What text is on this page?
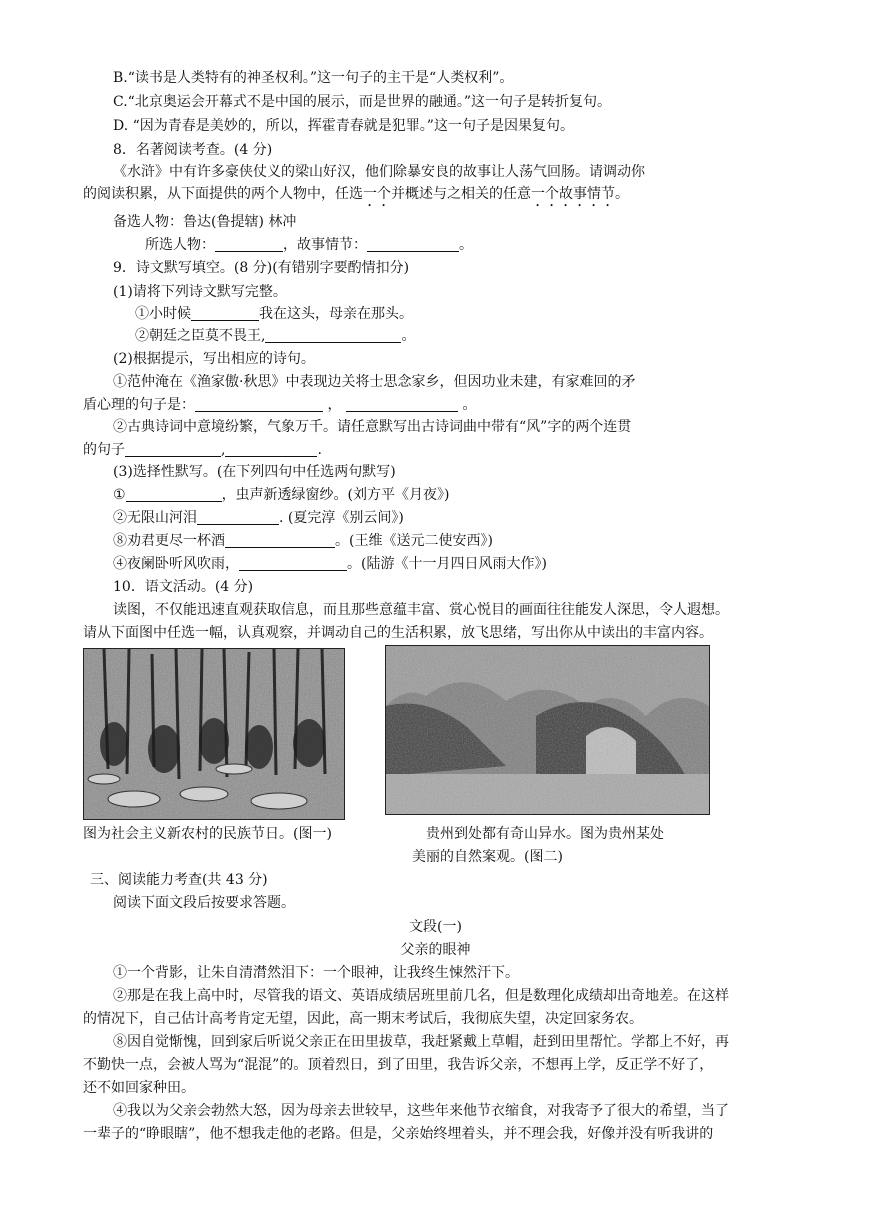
B.“读书是人类特有的神圣权利。”这一句子的主干是“人类权利”。
C.“北京奥运会开幕式不是中国的展示，而是世界的融通。”这一句子是转折复句。
D. “因为青春是美妙的，所以，挥霍青春就是犯罪。”这一句子是因果复句。
8．名著阅读考查。(4 分)
《水浒》中有许多豪侠仗义的梁山好汉，他们除暴安良的故事让人荡气回肠。请调动你
的阅读积累，从下面提供的两个人物中，任选一个并概述与之相关的任意一个故事情节。
备选人物：鲁达(鲁提辖) 林冲
所选人物：	，故事情节：	。
9．诗文默写填空。(8 分)(有错别字要酌情扣分)
(1)请将下列诗文默写完整。
①小时候	我在这头，母亲在那头。
②朝廷之臣莫不畏王,	。
(2)根据提示，写出相应的诗句。
①范仲淹在《渔家傲·秋思》中表现边关将士思念家乡，但因功业未建，有家难回的矛
盾心理的句子是：	，	。
②古典诗词中意境纷繁，气象万千。请任意默写出古诗词曲中带有“风”字的两个连贯
的句子	,	.
(3)选择性默写。(在下列四句中任选两句默写)
①	，虫声新透绿窗纱。(刘方平《月夜》)
②无限山河泪	. (夏完淳《别云间》)
⑧劝君更尽一杯酒	。(王维《送元二使安西》)
④夜阑卧听风吹雨，	。(陆游《十一月四日风雨大作》)
10．语文活动。(4 分)
读图，不仅能迅速直观获取信息，而且那些意蕴丰富、赏心悦目的画面往往能发人深思，令人遐想。
请从下面图中任选一幅，认真观察，并调动自己的生活积累，放飞思绪，写出你从中读出的丰富内容。
图为社会主义新农村的民族节日。(图一)	贵州到处都有奇山异水。图为贵州某处
美丽的自然案观。(图二)
三、阅读能力考查(共 43 分)
阅读下面文段后按要求答题。
文段(一)
父亲的眼神
①一个背影，让朱自清潸然泪下：一个眼神，让我终生悚然汗下。
②那是在我上高中时，尽管我的语文、英语成绩居班里前几名，但是数理化成绩却出奇地差。在这样
的情况下，自己估计高考肯定无望，因此，高一期末考试后，我彻底失望，决定回家务农。
⑧因自觉惭愧，回到家后听说父亲正在田里拔草，我赶紧戴上草帽，赶到田里帮忙。学都上不好，再
不勤快一点，会被人骂为“混混”的。顶着烈日，到了田里，我告诉父亲，不想再上学，反正学不好了，
还不如回家种田。
④我以为父亲会勃然大怒，因为母亲去世较早，这些年来他节衣缩食，对我寄予了很大的希望，当了
一辈子的“睁眼瞎”，他不想我走他的老路。但是，父亲始终埋着头，并不理会我，好像并没有听我讲的
